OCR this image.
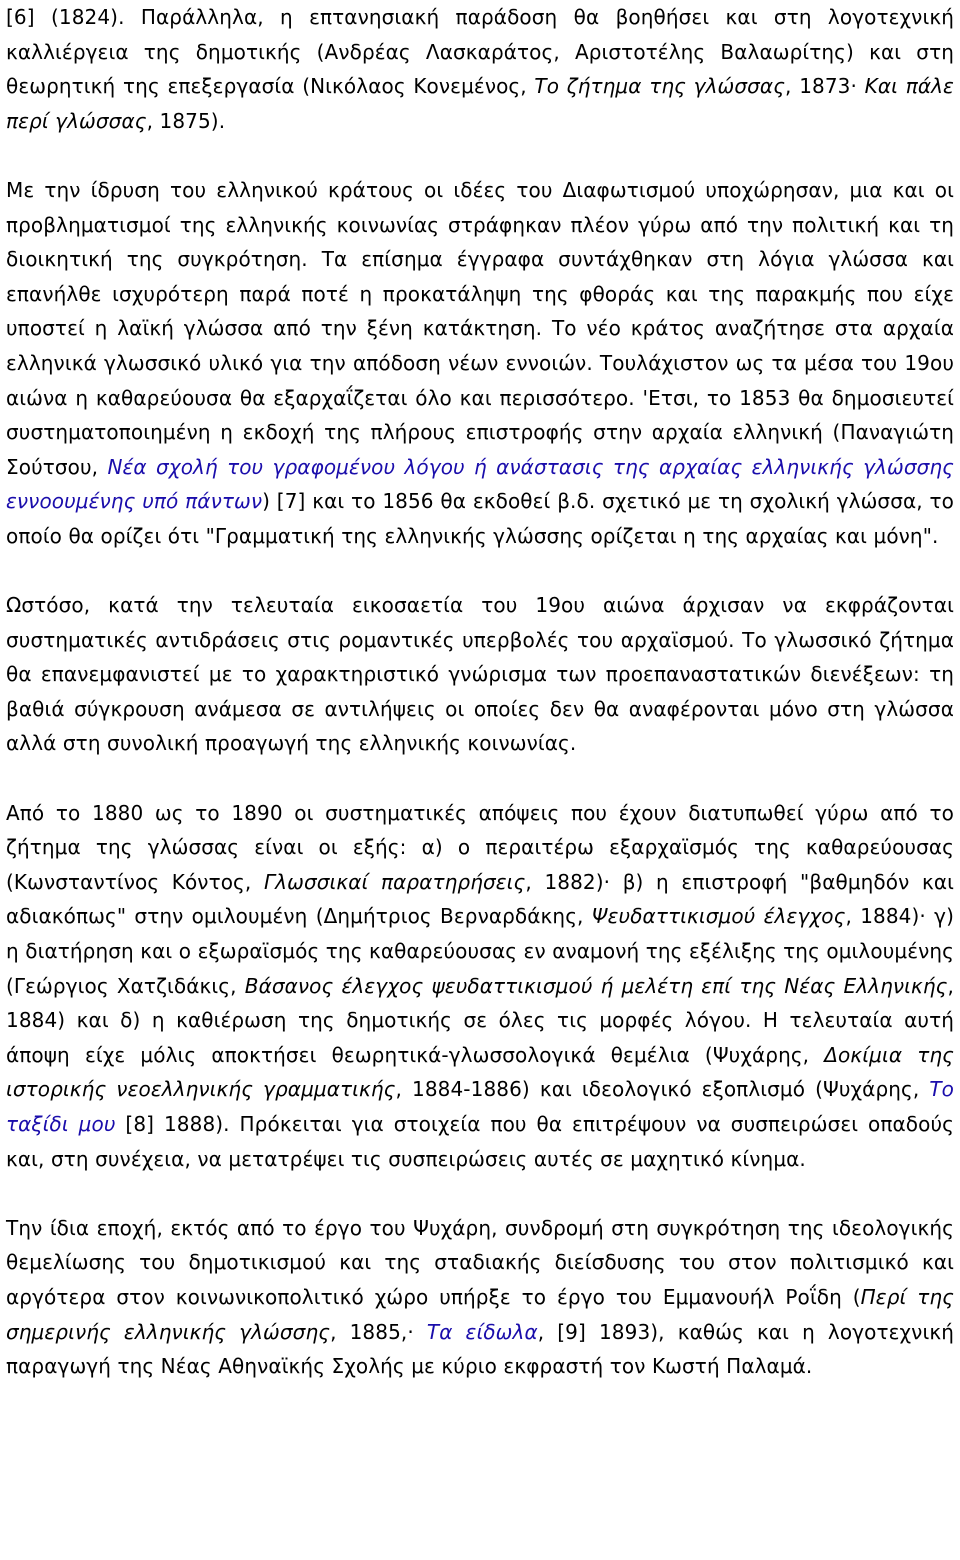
[6] (1824). Παράλληλα, η επτανησιακή παράδοση θα βοηθήσει και στη λογοτεχνική καλλιέργεια της δημοτικής (Ανδρέας Λασκαράτος, Αριστοτέλης Βαλαωρίτης) και στη θεωρητική της επεξεργασία (Νικόλαος Κονεμένος, Το ζήτημα της γλώσσας, 1873· Και πάλε περί γλώσσας, 1875).

Με την ίδρυση του ελληνικού κράτους οι ιδέες του Διαφωτισμού υποχώρησαν, μια και οι προβληματισμοί της ελληνικής κοινωνίας στράφηκαν πλέον γύρω από την πολιτική και τη διοικητική της συγκρότηση. Τα επίσημα έγγραφα συντάχθηκαν στη λόγια γλώσσα και επανήλθε ισχυρότερη παρά ποτέ η προκατάληψη της φθοράς και της παρακμής που είχε υποστεί η λαϊκή γλώσσα από την ξένη κατάκτηση. Το νέο κράτος αναζήτησε στα αρχαία ελληνικά γλωσσικό υλικό για την απόδοση νέων εννοιών. Τουλάχιστον ως τα μέσα του 19ου αιώνα η καθαρεύουσα θα εξαρχαΐζεται όλο και περισσότερο. 'Ετσι, το 1853 θα δημοσιευτεί συστηματοποιημένη η εκδοχή της πλήρους επιστροφής στην αρχαία ελληνική (Παναγιώτη Σούτσου, Νέα σχολή του γραφομένου λόγου ή ανάστασις της αρχαίας ελληνικής γλώσσης εννοουμένης υπό πάντων) [7] και το 1856 θα εκδοθεί β.δ. σχετικό με τη σχολική γλώσσα, το οποίο θα ορίζει ότι "Γραμματική της ελληνικής γλώσσης ορίζεται η της αρχαίας και μόνη".

Ωστόσο, κατά την τελευταία εικοσαετία του 19ου αιώνα άρχισαν να εκφράζονται συστηματικές αντιδράσεις στις ρομαντικές υπερβολές του αρχαϊσμού. Το γλωσσικό ζήτημα θα επανεμφανιστεί με το χαρακτηριστικό γνώρισμα των προεπαναστατικών διενέξεων: τη βαθιά σύγκρουση ανάμεσα σε αντιλήψεις οι οποίες δεν θα αναφέρονται μόνο στη γλώσσα αλλά στη συνολική προαγωγή της ελληνικής κοινωνίας.

Από το 1880 ως το 1890 οι συστηματικές απόψεις που έχουν διατυπωθεί γύρω από το ζήτημα της γλώσσας είναι οι εξής: α) ο περαιτέρω εξαρχαϊσμός της καθαρεύουσας (Κωνσταντίνος Κόντος, Γλωσσικαί παρατηρήσεις, 1882)· β) η επιστροφή "βαθμηδόν και αδιακόπως" στην ομιλουμένη (Δημήτριος Βερναρδάκης, Ψευδαττικισμού έλεγχος, 1884)· γ) η διατήρηση και ο εξωραϊσμός της καθαρεύουσας εν αναμονή της εξέλιξης της ομιλουμένης (Γεώργιος Χατζιδάκις, Βάσανος έλεγχος ψευδαττικισμού ή μελέτη επί της Νέας Ελληνικής, 1884) και δ) η καθιέρωση της δημοτικής σε όλες τις μορφές λόγου. Η τελευταία αυτή άποψη είχε μόλις αποκτήσει θεωρητικά-γλωσσολογικά θεμέλια (Ψυχάρης, Δοκίμια της ιστορικής νεοελληνικής γραμματικής, 1884-1886) και ιδεολογικό εξοπλισμό (Ψυχάρης, Το ταξίδι μου [8] 1888). Πρόκειται για στοιχεία που θα επιτρέψουν να συσπειρώσει οπαδούς και, στη συνέχεια, να μετατρέψει τις συσπειρώσεις αυτές σε μαχητικό κίνημα.

Την ίδια εποχή, εκτός από το έργο του Ψυχάρη, συνδρομή στη συγκρότηση της ιδεολογικής θεμελίωσης του δημοτικισμού και της σταδιακής διείσδυσης του στον πολιτισμικό και αργότερα στον κοινωνικοπολιτικό χώρο υπήρξε το έργο του Εμμανουήλ Ροΐδη (Περί της σημερινής ελληνικής γλώσσης, 1885,· Τα είδωλα, [9] 1893), καθώς και η λογοτεχνική παραγωγή της Νέας Αθηναϊκής Σχολής με κύριο εκφραστή τον Κωστή Παλαμά.
